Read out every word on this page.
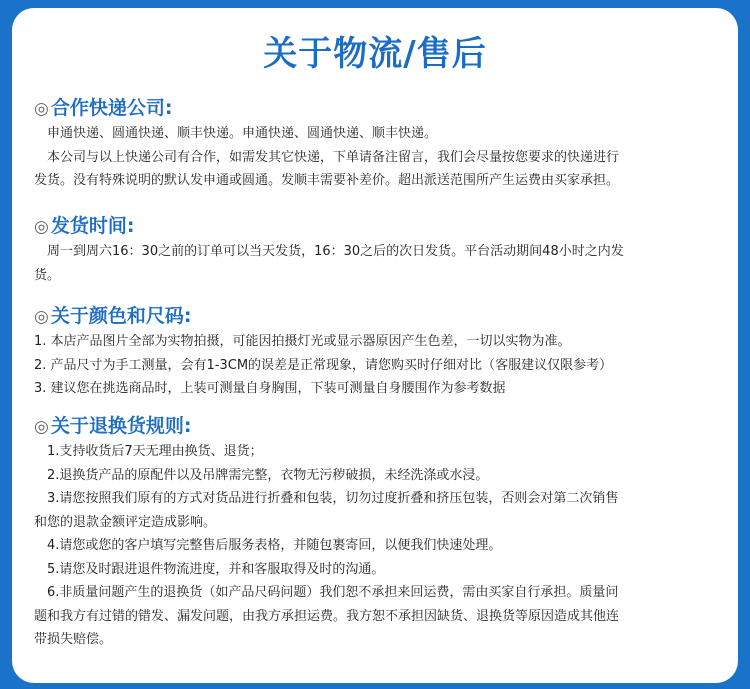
关于物流/售后
◎ 合作快递公司:
申通快递、圆通快递、顺丰快递。申通快递、圆通快递、顺丰快递。
本公司与以上快递公司有合作，如需发其它快递，下单请备注留言，我们会尽量按您要求的快递进行
发货。没有特殊说明的默认发申通或圆通。发顺丰需要补差价。超出派送范围所产生运费由买家承担。
◎ 发货时间:
周一到周六16：30之前的订单可以当天发货，16：30之后的次日发货。平台活动期间48小时之内发
货。
◎ 关于颜色和尺码:
1. 本店产品图片全部为实物拍摄，可能因拍摄灯光或显示器原因产生色差，一切以实物为准。
2. 产品尺寸为手工测量，会有1-3CM的误差是正常现象，请您购买时仔细对比（客服建议仅限参考）
3. 建议您在挑选商品时，上装可测量自身胸围，下装可测量自身腰围作为参考数据
◎ 关于退换货规则:
1.支持收货后7天无理由换货、退货；
2.退换货产品的原配件以及吊牌需完整，衣物无污秽破损，未经洗涤或水浸。
3.请您按照我们原有的方式对货品进行折叠和包装，切勿过度折叠和挤压包装，否则会对第二次销售
和您的退款金额评定造成影响。
4.请您或您的客户填写完整售后服务表格，并随包裹寄回，以便我们快速处理。
5.请您及时跟进退件物流进度，并和客服取得及时的沟通。
6.非质量问题产生的退换货（如产品尺码问题）我们恕不承担来回运费，需由买家自行承担。质量问
题和我方有过错的错发、漏发问题，由我方承担运费。我方恕不承担因缺货、退换货等原因造成其他连
带损失赔偿。
